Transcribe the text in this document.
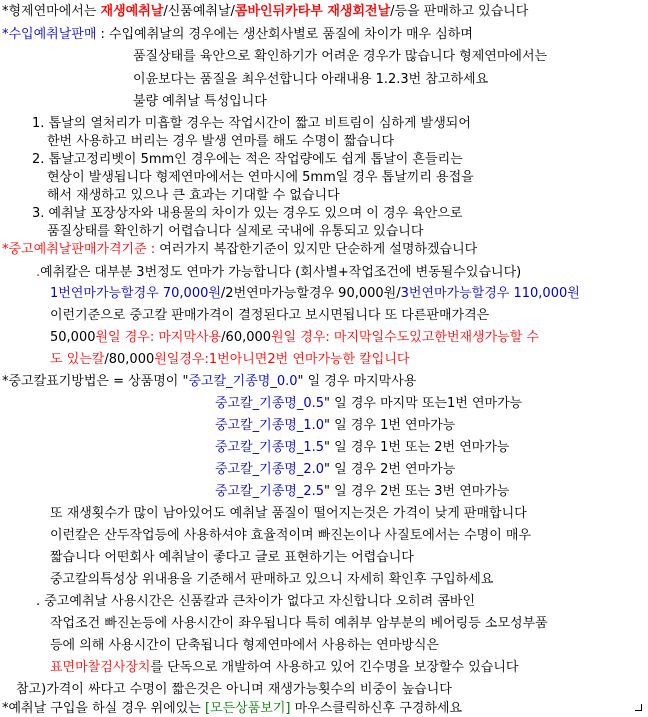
*형제연마에서는 재생예취날/신품예취날/콤바인뒤카타부 재생회전날/등을 판매하고 있습니다
*수입예취날판매 : 수입예취날의 경우에는 생산회사별로 품질에 차이가 매우 심하며
품질상태를 육안으로 확인하기가 어려운 경우가 많습니다 형제연마에서는
이윤보다는 품질을 최우선합니다 아래내용 1.2.3번 참고하세요
불량 예취날 특성입니다
1. 톱날의 열처리가 미흡할 경우는 작업시간이 짧고 비트림이 심하게 발생되어
한번 사용하고 버리는 경우 발생 연마를 해도 수명이 짧습니다
2. 톱날고정리벳이 5mm인 경우에는 적은 작업량에도 쉽게 톱날이 흔들리는
현상이 발생됩니다 형제연마에서는 연마시에 5mm일 경우 톱날끼리 용접을
해서 재생하고 있으나 큰 효과는 기대할 수 없습니다
3. 예취날 포장상자와 내용물의 차이가 있는 경우도 있으며 이 경우 육안으로
품질상태를 확인하기 어렵습니다 실제로 국내에 유통되고 있습니다
*중고예취날판매가격기준 : 여러가지 복잡한기준이 있지만 단순하게 설명하겠습니다
.예취칼은 대부분 3번정도 연마가 가능합니다 (회사별+작업조건에 변동될수있습니다)
1번연마가능할경우 70,000원/2번연마가능할경우 90,000원/3번연마가능할경우 110,000원
이런기준으로 중고칼 판매가격이 결정된다고 보시면됩니다 또 다른판매가격은
50,000원일 경우: 마지막사용/60,000원일 경우: 마지막일수도있고한번재생가능할 수
도 있는칼/80,000원일경우:1번아니면2번 연마가능한 칼입니다
*중고칼표기방법은 = 상품명이 "중고칼_기종명_0.0" 일 경우 마지막사용
중고칼_기종명_0.5" 일 경우 마지막 또는1번 연마가능
중고칼_기종명_1.0" 일 경우 1번 연마가능
중고칼_기종명_1.5" 일 경우 1번 또는 2번 연마가능
중고칼_기종명_2.0" 일 경우 2번 연마가능
중고칼_기종명_2.5" 일 경우 2번 또는 3번 연마가능
또 재생횟수가 많이 남아있어도 예취날 품질이 떨어지는것은 가격이 낮게 판매합니다
이런칼은 산두작업등에 사용하셔야 효율적이며 빠진논이나 사질토에서는 수명이 매우
짧습니다 어떤회사 예취날이 좋다고 글로 표현하기는 어렵습니다
중고칼의특성상 위내용을 기준해서 판매하고 있으니 자세히 확인후 구입하세요
. 중고예취날 사용시간은 신품칼과 큰차이가 없다고 자신합니다 오히려 콤바인
작업조건 빠진논등에 사용시간이 좌우됩니다 특히 예취부 암부분의 베어링등 소모성부품
등에 의해 사용시간이 단축됩니다 형제연마에서 사용하는 연마방식은
표면마찰검사장치를 단독으로 개발하여 사용하고 있어 긴수명을 보장할수 있습니다
참고)가격이 싸다고 수명이 짧은것은 아니며 재생가능횟수의 비중이 높습니다
*예취날 구입을 하실 경우 위에있는 [모든상품보기] 마우스클릭하신후 구경하세요
